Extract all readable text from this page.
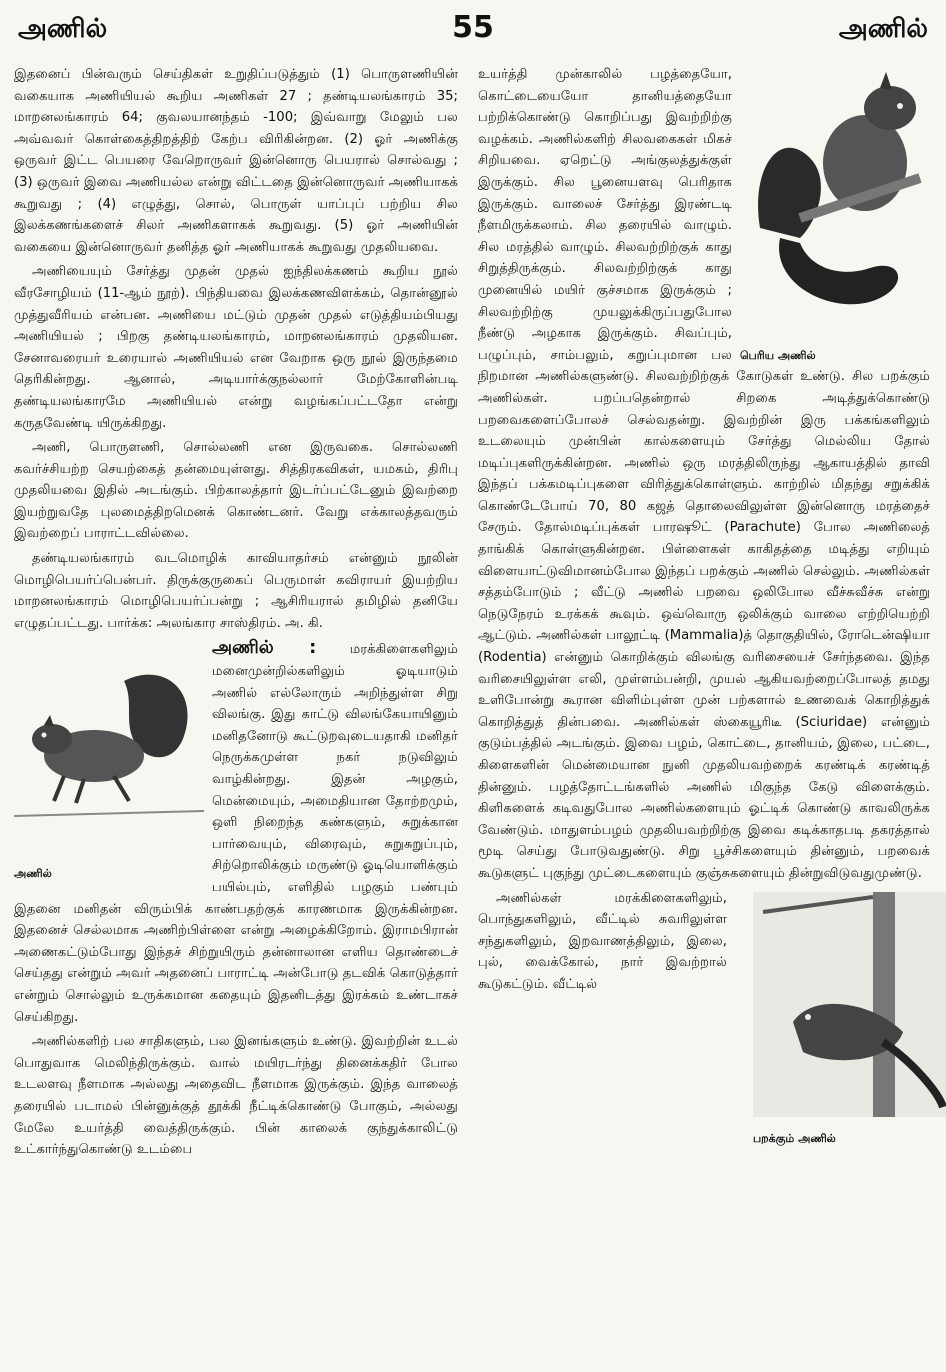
அணில்	55	அணில்

இதனைப் பின்வரும் செய்திகள் உறுதிப்படுத்தும் (1) பொருளணியின் வகையாக அணியியல் கூறிய அணிகள் 27 ; தண்டியலங்காரம் 35; மாறனலங்காரம் 64; குவலயானந்தம் -100; இவ்வாறு மேலும் பல அவ்வவர் கொள்கைத்திறத்திற் கேற்ப விரிகின்றன. (2) ஓர் அணிக்கு ஒருவர் இட்ட பெயரை வேறொருவர் இன்னொரு பெயரால் சொல்வது ; (3) ஒருவர் இவை அணியல்ல என்று விட்டதை இன்னொருவர் அணியாகக் கூறுவது ; (4) எழுத்து, சொல், பொருள் யாப்புப் பற்றிய சில இலக்கணங்களைச் சிலர் அணிகளாகக் கூறுவது. (5) ஓர் அணியின் வகையை இன்னொருவர் தனித்த ஓர் அணியாகக் கூறுவது முதலியவை.

அணியையும் சேர்த்து முதன் முதல் ஐந்திலக்கணம் கூறிய நூல் வீரசோழியம் (11-ஆம் நூற்). பிந்தியவை இலக்கணவிளக்கம், தொன்னூல் முத்துவீரியம் என்பன. அணியை மட்டும் முதன் முதல் எடுத்தியம்பியது அணியியல் ; பிறகு தண்டியலங்காரம், மாறனலங்காரம் முதலியன. சேனாவரையர் உரையால் அணியியல் என வேறாக ஒரு நூல் இருந்தமை தெரிகின்றது. ஆனால், அடியார்க்குநல்லார் மேற்கோளின்படி தண்டியலங்காரமே அணியியல் என்று வழங்கப்பட்டதோ என்று கருதவேண்டி யிருக்கிறது.

அணி, பொருளணி, சொல்லணி என இருவகை. சொல்லணி கவர்ச்சியற்ற செயற்கைத் தன்மையுள்ளது. சித்திரகவிகள், யமகம், திரிபு முதலியவை இதில் அடங்கும். பிற்காலத்தார் இடர்ப்பட்டேனும் இவற்றை இயற்றுவதே புலமைத்திறமெனக் கொண்டனர். வேறு எக்காலத்தவரும் இவற்றைப் பாராட்டவில்லை.

தண்டியலங்காரம் வடமொழிக் காவியாதர்சம் என்னும் நூலின் மொழிபெயர்ப்பென்பர். திருக்குருகைப் பெருமாள் கவிராயர் இயற்றிய மாறனலங்காரம் மொழிபெயர்ப்பன்று ; ஆசிரியரால் தமிழில் தனியே எழுதப்பட்டது. பார்க்க: அலங்கார சாஸ்திரம். அ. கி.

அணில் :
அணில்
மரக்கிளைகளிலும் மனைமுன்றில்களிலும் ஓடியாடும் அணில் எல்லோரும் அறிந்துள்ள சிறு விலங்கு. இது காட்டு விலங்கேயாயினும் மனிதனோடு கூட்டுறவுடையதாகி மனிதர் நெருக்கமுள்ள நகர் நடுவிலும் வாழ்கின்றது. இதன் அழகும், மென்மையும், அமைதியான தோற்றமும், ஒளி நிறைந்த கண்களும், சுறுக்கான பார்வையும், விரைவும், சுறுசுறுப்பும், சிற்றொலிக்கும் மருண்டு ஓடியொளிக்கும் பயில்பும், எளிதில் பழகும் பண்பும் இதனை மனிதன் விரும்பிக் காண்பதற்குக் காரணமாக இருக்கின்றன. இதனைச் செல்லமாக அணிற்பிள்ளை என்று அழைக்கிறோம். இராமபிரான் அணைகட்டும்போது இந்தச் சிற்றுயிரும் தன்னாலான எளிய தொண்டைச் செய்தது என்றும் அவர் அதனைப் பாராட்டி அன்போடு தடவிக் கொடுத்தார் என்றும் சொல்லும் உருக்கமான கதையும் இதனிடத்து இரக்கம் உண்டாகச் செய்கிறது.

அணில்களிற் பல சாதிகளும், பல இனங்களும் உண்டு. இவற்றின் உடல் பொதுவாக மெலிந்திருக்கும். வால் மயிரடர்ந்து தினைக்கதிர் போல உடலளவு நீளமாக அல்லது அதைவிட நீளமாக இருக்கும். இந்த வாலைத் தரையில் படாமல் பின்னுக்குத் தூக்கி நீட்டிக்கொண்டு போகும், அல்லது மேலே உயர்த்தி வைத்திருக்கும். பின் காலைக் குந்துக்காலிட்டு உட்கார்ந்துகொண்டு உடம்பை

பெரிய அணில்
உயர்த்தி முன்காலில் பழத்தையோ, கொட்டையையோ தானியத்தையோ பற்றிக்கொண்டு கொறிப்பது இவற்றிற்கு வழக்கம். அணில்களிற் சிலவகைகள் மிகச் சிறியவை. ஏறெட்டு அங்குலத்துக்குள் இருக்கும். சில பூனையளவு பெரிதாக இருக்கும். வாலைச் சேர்த்து இரண்டடி நீளமிருக்கலாம். சில தரையில் வாழும். சில மரத்தில் வாழும். சிலவற்றிற்குக் காது சிறுத்திருக்கும். சிலவற்றிற்குக் காது முனையில் மயிர் குச்சமாக இருக்கும் ; சிலவற்றிற்கு முயலுக்கிருப்பதுபோல நீண்டு அழகாக இருக்கும். சிவப்பும், பழுப்பும், சாம்பலும், கறுப்புமான பல நிறமான அணில்களுண்டு. சிலவற்றிற்குக் கோடுகள் உண்டு. சில பறக்கும் அணில்கள். பறப்பதென்றால் சிறகை அடித்துக்கொண்டு பறவைகளைப்போலச் செல்வதன்று. இவற்றின் இரு பக்கங்களிலும் உடலையும் முன்பின் கால்களையும் சேர்த்து மெல்லிய தோல் மடிப்புகளிருக்கின்றன. அணில் ஒரு மரத்திலிருந்து ஆகாயத்தில் தாவி இந்தப் பக்கமடிப்புகளை விரித்துக்கொள்ளும். காற்றில் மிதந்து சறுக்கிக் கொண்டேபோய் 70, 80 கஜத் தொலைவிலுள்ள இன்னொரு மரத்தைச் சேரும். தோல்மடிப்புக்கள் பாரஷூட் (Parachute) போல அணிலைத் தாங்கிக் கொள்ளுகின்றன. பிள்ளைகள் காகிதத்தை மடித்து எறியும் விளையாட்டுவிமானம்போல இந்தப் பறக்கும் அணில் செல்லும். அணில்கள் சத்தம்போடும் ; வீட்டு அணில் பறவை ஒலிபோல வீச்சுவீச்சு என்று நெடுநேரம் உரக்கக் கூவும். ஒவ்வொரு ஒலிக்கும் வாலை எற்றியெற்றி ஆட்டும். அணில்கள் பாலூட்டி (Mammalia)த் தொகுதியில், ரோடென்ஷியா (Rodentia) என்னும் கொறிக்கும் விலங்கு வரிசையைச் சேர்ந்தவை. இந்த வரிசையிலுள்ள எலி, முள்ளம்பன்றி, முயல் ஆகியவற்றைப்போலத் தமது உளிபோன்று கூரான விளிம்புள்ள முன் பற்களால் உணவைக் கொறித்துக் கொறித்துத் தின்பவை. அணில்கள் ஸ்கையூரிடீ (Sciuridae) என்னும் குடும்பத்தில் அடங்கும். இவை பழம், கொட்டை, தானியம், இலை, பட்டை, கிளைகளின் மென்மையான நுனி முதலியவற்றைக் கரண்டிக் கரண்டித் தின்னும். பழத்தோட்டங்களில் அணில் மிகுந்த கேடு விளைக்கும். கிளிகளைக் கடிவதுபோல அணில்களையும் ஓட்டிக் கொண்டு காவலிருக்க வேண்டும். மாதுளம்பழம் முதலியவற்றிற்கு இவை கடிக்காதபடி தகரத்தால் மூடி செய்து போடுவதுண்டு. சிறு பூச்சிகளையும் தின்னும், பறவைக் கூடுகளுட் புகுந்து முட்டைகளையும் குஞ்சுகளையும் தின்றுவிடுவதுமுண்டு.

பறக்கும் அணில்
அணில்கள் மரக்கிளைகளிலும், பொந்துகளிலும், வீட்டில் சுவரிலுள்ள சந்துகளிலும், இறவாணத்திலும், இலை, புல், வைக்கோல், நார் இவற்றால் கூடுகட்டும். வீட்டில்
